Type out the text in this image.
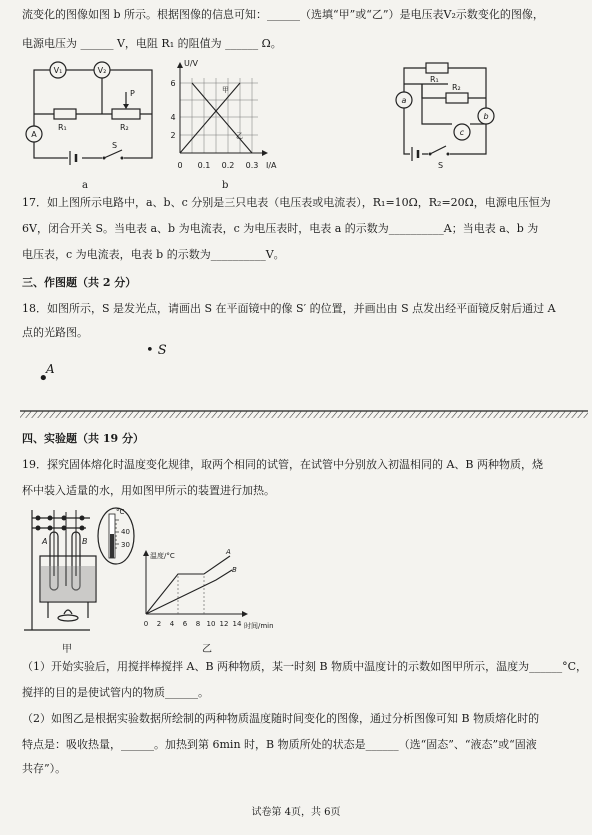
流变化的图像如图 b 所示。根据图像的信息可知：______（选填“甲”或“乙”）是电压表V₂示数变化的图像，
电源电压为 ______ V，电阻 R₁ 的阻值为 ______ Ω。
V₁	V₂
R₁
P
R₂
A
S
a
U/V
I/A
2
4
6
0 0.1 0.2 0.3
甲
乙
b
R₁
R₂
a
b
c
S
17．如上图所示电路中，a、b、c 分别是三只电表（电压表或电流表），R₁=10Ω，R₂=20Ω，电源电压恒为
6V，闭合开关 S。当电表 a、b 为电流表，c 为电压表时，电表 a 的示数为__________A；当电表 a、b 为
电压表，c 为电流表，电表 b 的示数为__________V。
三、作图题（共 2 分）
18．如图所示，S 是发光点，请画出 S 在平面镜中的像 S′ 的位置，并画出由 S 点发出经平面镜反射后通过 A
点的光路图。
• S
•
A
四、实验题（共 19 分）
19．探究固体熔化时温度变化规律，取两个相同的试管，在试管中分别放入初温相同的 A、B 两种物质，烧
杯中装入适量的水，用如图甲所示的装置进行加热。
A	B
°C
40
30
甲
温度/°C
时间/min
A
B
0 2 4 6 8 10 12 14
乙
（1）开始实验后，用搅拌棒搅拌 A、B 两种物质，某一时刻 B 物质中温度计的示数如图甲所示，温度为______°C，
搅拌的目的是使试管内的物质______。
（2）如图乙是根据实验数据所绘制的两种物质温度随时间变化的图像，通过分析图像可知 B 物质熔化时的
特点是：吸收热量，______。加热到第 6min 时，B 物质所处的状态是______（选“固态”、“液态”或“固液
共存”）。
试卷第 4页，共 6页
